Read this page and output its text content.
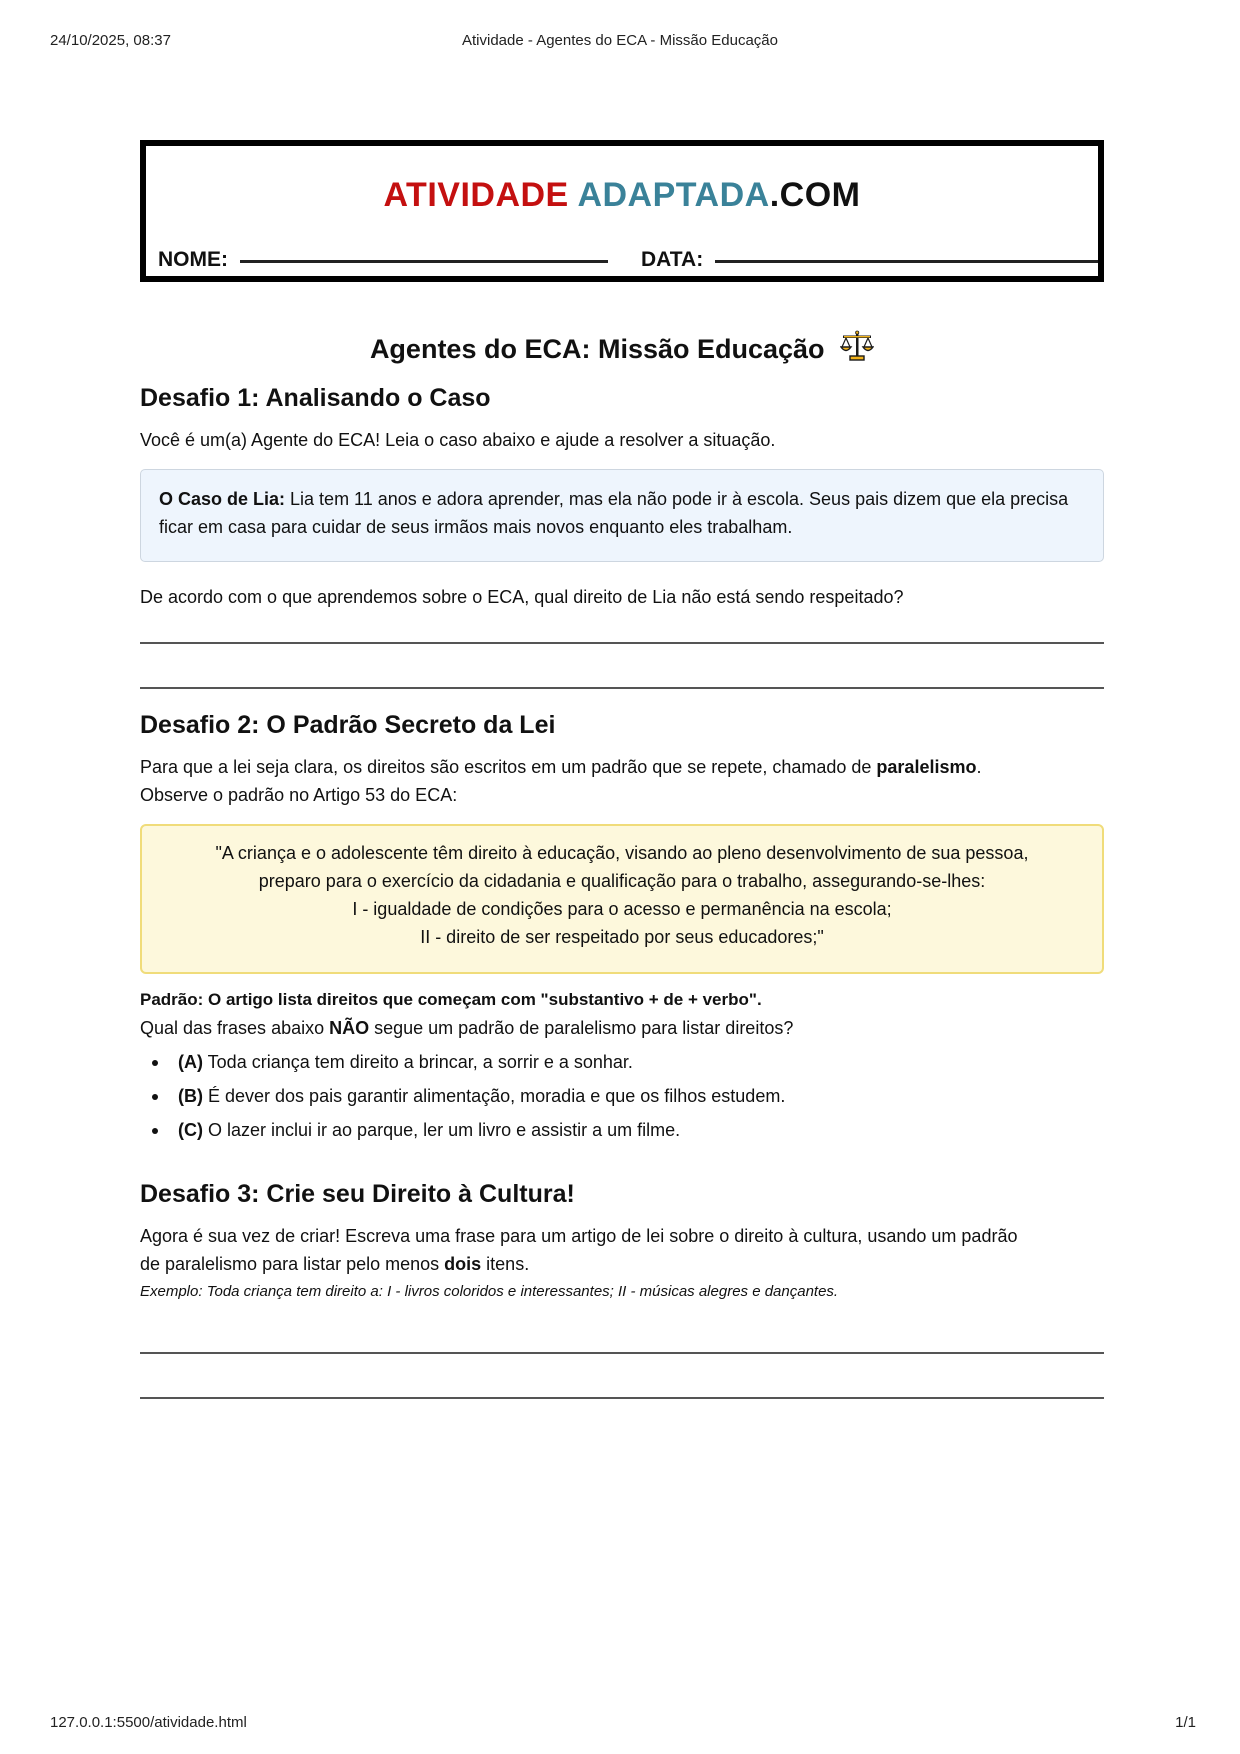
24/10/2025, 08:37	Atividade - Agentes do ECA - Missão Educação
ATIVIDADE ADAPTADA.COM
NOME:	DATA:
Agentes do ECA: Missão Educação
Desafio 1: Analisando o Caso

Você é um(a) Agente do ECA! Leia o caso abaixo e ajude a resolver a situação.

O Caso de Lia: Lia tem 11 anos e adora aprender, mas ela não pode ir à escola. Seus pais dizem que ela precisa ficar em casa para cuidar de seus irmãos mais novos enquanto eles trabalham.

De acordo com o que aprendemos sobre o ECA, qual direito de Lia não está sendo respeitado?

Desafio 2: O Padrão Secreto da Lei

Para que a lei seja clara, os direitos são escritos em um padrão que se repete, chamado de paralelismo.

Observe o padrão no Artigo 53 do ECA:

"A criança e o adolescente têm direito à educação, visando ao pleno desenvolvimento de sua pessoa,
preparo para o exercício da cidadania e qualificação para o trabalho, assegurando-se-lhes:
I - igualdade de condições para o acesso e permanência na escola;
II - direito de ser respeitado por seus educadores;"

Padrão: O artigo lista direitos que começam com "substantivo + de + verbo".

Qual das frases abaixo NÃO segue um padrão de paralelismo para listar direitos?

(A) Toda criança tem direito a brincar, a sorrir e a sonhar.
(B) É dever dos pais garantir alimentação, moradia e que os filhos estudem.
(C) O lazer inclui ir ao parque, ler um livro e assistir a um filme.
Desafio 3: Crie seu Direito à Cultura!

Agora é sua vez de criar! Escreva uma frase para um artigo de lei sobre o direito à cultura, usando um padrão

de paralelismo para listar pelo menos dois itens.

Exemplo: Toda criança tem direito a: I - livros coloridos e interessantes; II - músicas alegres e dançantes.
127.0.0.1:5500/atividade.html	1/1
